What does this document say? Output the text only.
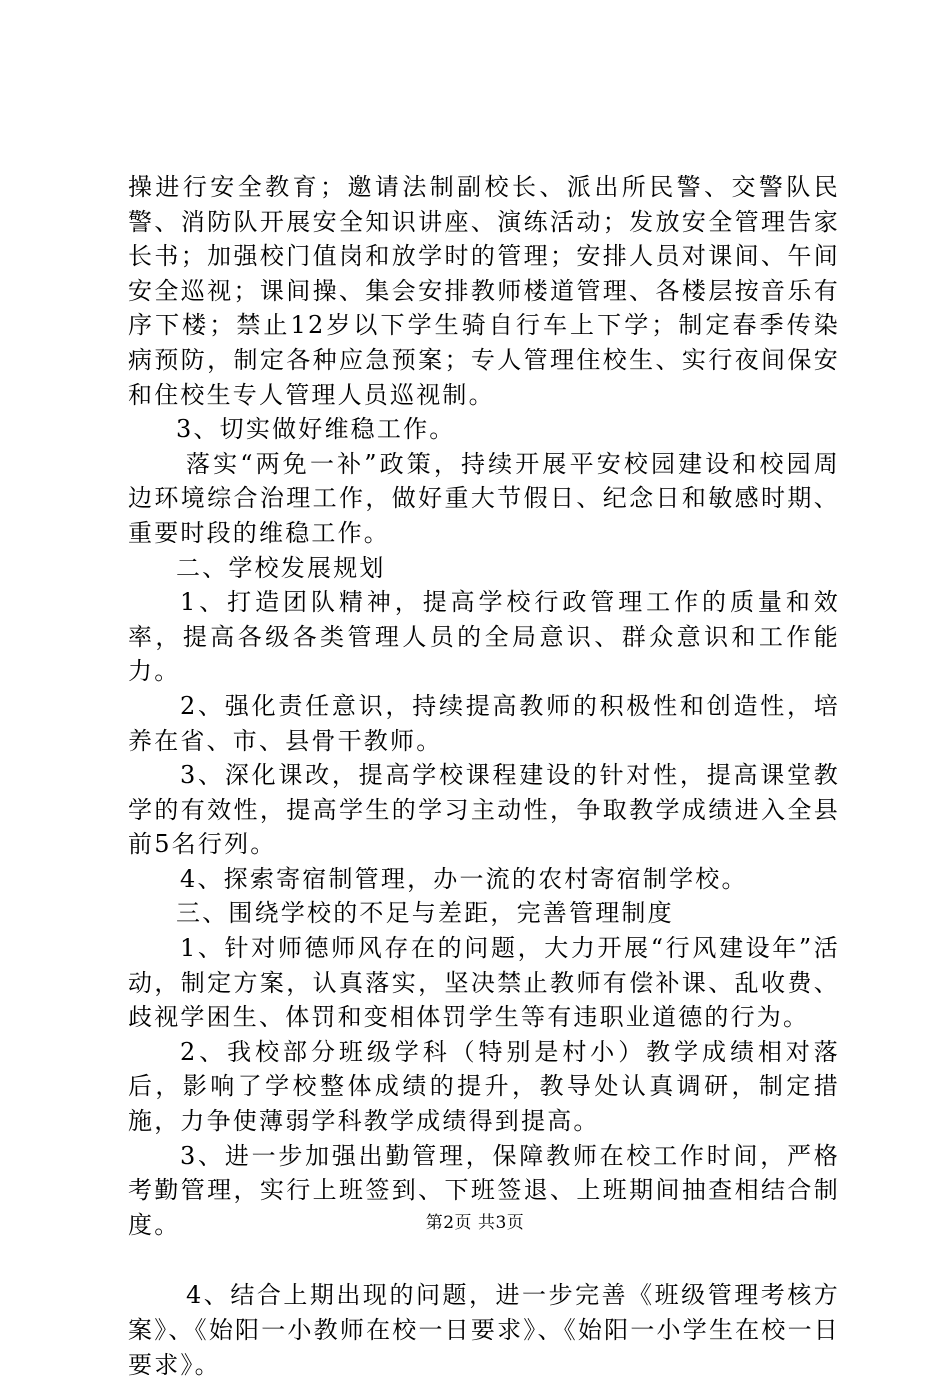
操进行安全教育；邀请法制副校长、派出所民警、交警队民警、消防队开展安全知识讲座、演练活动；发放安全管理告家长书；加强校门值岗和放学时的管理；安排人员对课间、午间安全巡视；课间操、集会安排教师楼道管理、各楼层按音乐有序下楼；禁止12岁以下学生骑自行车上下学；制定春季传染病预防，制定各种应急预案；专人管理住校生、实行夜间保安和住校生专人管理人员巡视制。

3、切实做好维稳工作。

落实“两免一补”政策，持续开展平安校园建设和校园周边环境综合治理工作，做好重大节假日、纪念日和敏感时期、重要时段的维稳工作。

二、学校发展规划

1、打造团队精神，提高学校行政管理工作的质量和效率，提高各级各类管理人员的全局意识、群众意识和工作能力。

2、强化责任意识，持续提高教师的积极性和创造性，培养在省、市、县骨干教师。

3、深化课改，提高学校课程建设的针对性，提高课堂教学的有效性，提高学生的学习主动性，争取教学成绩进入全县前5名行列。

4、探索寄宿制管理，办一流的农村寄宿制学校。

三、围绕学校的不足与差距，完善管理制度

1、针对师德师风存在的问题，大力开展“行风建设年”活动，制定方案，认真落实，坚决禁止教师有偿补课、乱收费、歧视学困生、体罚和变相体罚学生等有违职业道德的行为。

2、我校部分班级学科（特别是村小）教学成绩相对落后，影响了学校整体成绩的提升，教导处认真调研，制定措施，力争使薄弱学科教学成绩得到提高。

3、进一步加强出勤管理，保障教师在校工作时间，严格考勤管理，实行上班签到、下班签退、上班期间抽查相结合制度。

4、结合上期出现的问题，进一步完善《班级管理考核方案》、《始阳一小教师在校一日要求》、《始阳一小学生在校一日要求》。

第2页 共3页
